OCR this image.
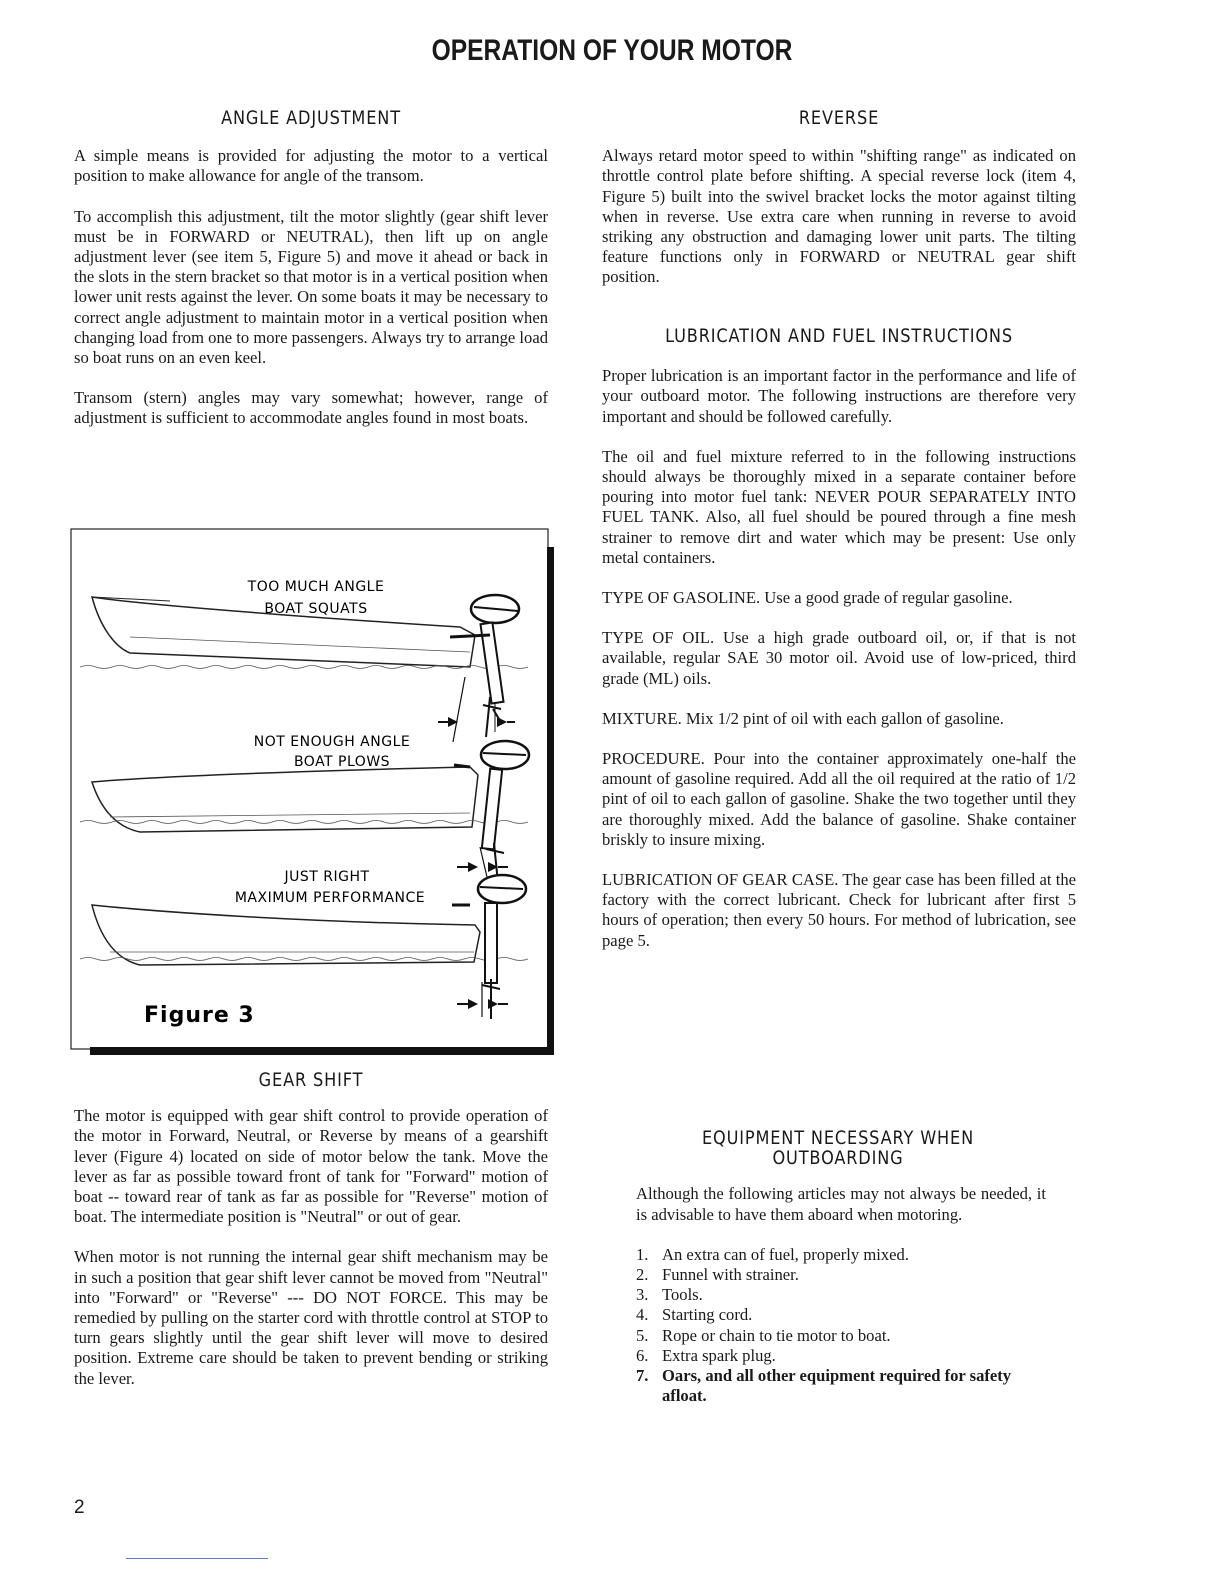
OPERATION OF YOUR MOTOR
ANGLE ADJUSTMENT

A simple means is provided for adjusting the motor to a vertical position to make allowance for angle of the transom.

To accomplish this adjustment, tilt the motor slightly (gear shift lever must be in FORWARD or NEUTRAL), then lift up on angle adjustment lever (see item 5, Figure 5) and move it ahead or back in the slots in the stern bracket so that motor is in a vertical position when lower unit rests against the lever. On some boats it may be necessary to correct angle adjustment to maintain motor in a vertical position when changing load from one to more passengers. Always try to arrange load so boat runs on an even keel.

Transom (stern) angles may vary somewhat; however, range of adjustment is sufficient to accommodate angles found in most boats.

TOO MUCH ANGLE
BOAT SQUATS
NOT ENOUGH ANGLE
BOAT PLOWS
JUST RIGHT
MAXIMUM PERFORMANCE
Figure 3
GEAR SHIFT

The motor is equipped with gear shift control to provide operation of the motor in Forward, Neutral, or Reverse by means of a gearshift lever (Figure 4) located on side of motor below the tank. Move the lever as far as possible toward front of tank for "Forward" motion of boat -- toward rear of tank as far as possible for "Reverse" motion of boat. The intermediate position is "Neutral" or out of gear.

When motor is not running the internal gear shift mechanism may be in such a position that gear shift lever cannot be moved from "Neutral" into "Forward" or "Reverse" --- DO NOT FORCE. This may be remedied by pulling on the starter cord with throttle control at STOP to turn gears slightly until the gear shift lever will move to desired position. Extreme care should be taken to prevent bending or striking the lever.

REVERSE

Always retard motor speed to within "shifting range" as indicated on throttle control plate before shifting. A special reverse lock (item 4, Figure 5) built into the swivel bracket locks the motor against tilting when in reverse. Use extra care when running in reverse to avoid striking any obstruction and damaging lower unit parts. The tilting feature functions only in FORWARD or NEUTRAL gear shift position.

LUBRICATION AND FUEL INSTRUCTIONS

Proper lubrication is an important factor in the performance and life of your outboard motor. The following instructions are therefore very important and should be followed carefully.

The oil and fuel mixture referred to in the following instructions should always be thoroughly mixed in a separate container before pouring into motor fuel tank: NEVER POUR SEPARATELY INTO FUEL TANK. Also, all fuel should be poured through a fine mesh strainer to remove dirt and water which may be present: Use only metal containers.

TYPE OF GASOLINE. Use a good grade of regular gasoline.

TYPE OF OIL. Use a high grade outboard oil, or, if that is not available, regular SAE 30 motor oil. Avoid use of low-priced, third grade (ML) oils.

MIXTURE. Mix 1/2 pint of oil with each gallon of gasoline.

PROCEDURE. Pour into the container approximately one-half the amount of gasoline required. Add all the oil required at the ratio of 1/2 pint of oil to each gallon of gasoline. Shake the two together until they are thoroughly mixed. Add the balance of gasoline. Shake container briskly to insure mixing.

LUBRICATION OF GEAR CASE. The gear case has been filled at the factory with the correct lubricant. Check for lubricant after first 5 hours of operation; then every 50 hours. For method of lubrication, see page 5.

EQUIPMENT NECESSARY WHEN OUTBOARDING

Although the following articles may not always be needed, it is advisable to have them aboard when motoring.

1. An extra can of fuel, properly mixed.
2. Funnel with strainer.
3. Tools.
4. Starting cord.
5. Rope or chain to tie motor to boat.
6. Extra spark plug.
7. Oars, and all other equipment required for safety afloat.
2
